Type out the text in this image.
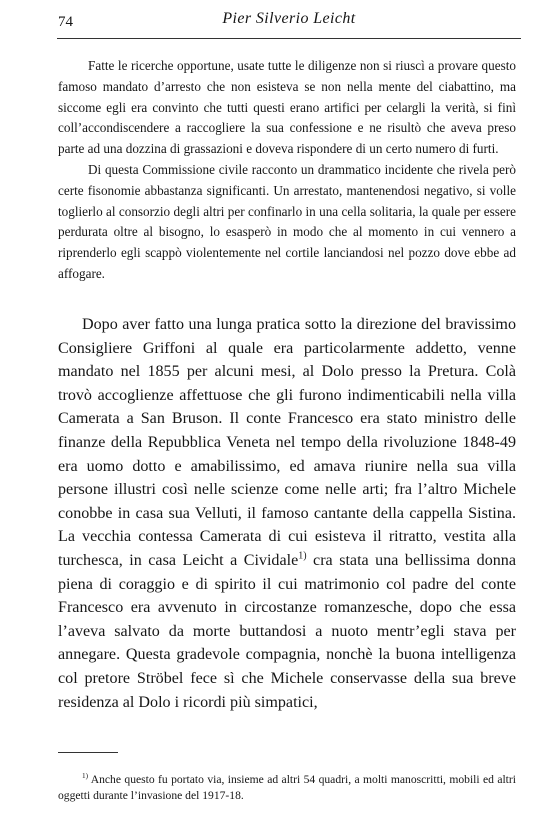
74	Pier Silverio Leicht

Fatte le ricerche opportune, usate tutte le diligenze non si riuscì a provare questo famoso mandato d’arresto che non esisteva se non nella mente del ciabattino, ma siccome egli era convinto che tutti questi erano artifici per celargli la verità, si finì coll’accondiscendere a raccogliere la sua confessione e ne risultò che aveva preso parte ad una dozzina di grassazioni e doveva rispondere di un certo numero di furti.

Di questa Commissione civile racconto un drammatico incidente che rivela però certe fisonomie abbastanza significanti. Un arrestato, mantenendosi negativo, si volle toglierlo al consorzio degli altri per confinarlo in una cella solitaria, la quale per essere perdurata oltre al bisogno, lo esasperò in modo che al momento in cui vennero a riprenderlo egli scappò violentemente nel cortile lanciandosi nel pozzo dove ebbe ad affogare.

Dopo aver fatto una lunga pratica sotto la direzione del bravissimo Consigliere Griffoni al quale era particolarmente addetto, venne mandato nel 1855 per alcuni mesi, al Dolo presso la Pretura. Colà trovò accoglienze affettuose che gli furono indimenticabili nella villa Camerata a San Bruson. Il conte Francesco era stato ministro delle finanze della Repubblica Veneta nel tempo della rivoluzione 1848-49 era uomo dotto e amabilissimo, ed amava riunire nella sua villa persone illustri così nelle scienze come nelle arti; fra l’altro Michele conobbe in casa sua Velluti, il famoso cantante della cappella Sistina. La vecchia contessa Camerata di cui esisteva il ritratto, vestita alla turchesca, in casa Leicht a Cividale$^{1)}$ cra stata una bellissima donna piena di coraggio e di spirito il cui matrimonio col padre del conte Francesco era avvenuto in circostanze romanzesche, dopo che essa l’aveva salvato da morte buttandosi a nuoto mentr’egli stava per annegare. Questa gradevole compagnia, nonchè la buona intelligenza col pretore Ströbel fece sì che Michele conservasse della sua breve residenza al Dolo i ricordi più simpatici,

$^{1)}$ Anche questo fu portato via, insieme ad altri 54 quadri, a molti manoscritti, mobili ed altri oggetti durante l’invasione del 1917-18.
